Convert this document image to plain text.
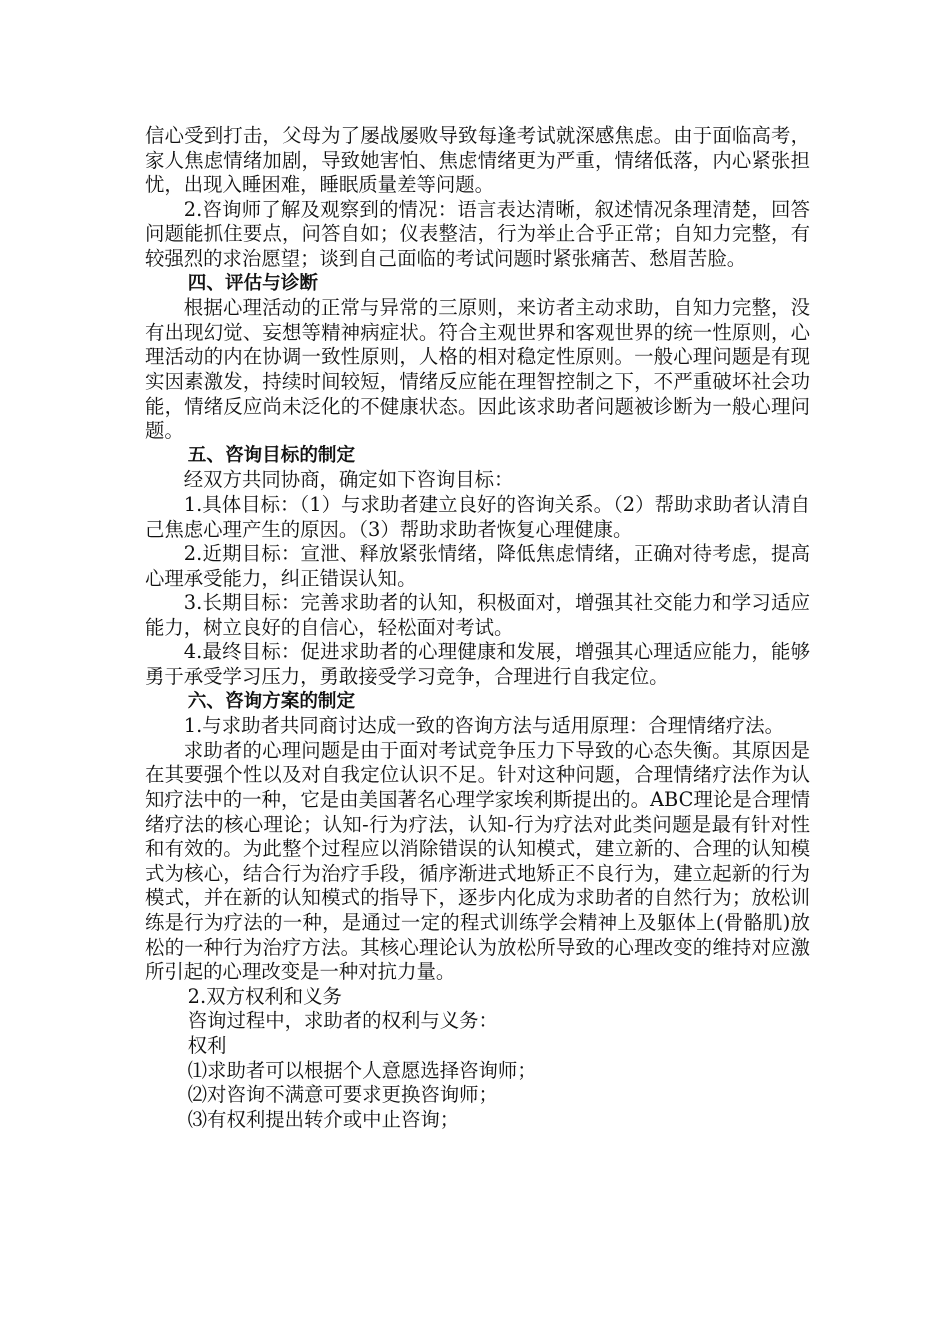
信心受到打击，父母为了屡战屡败导致每逢考试就深感焦虑。由于面临高考，家人焦虑情绪加剧，导致她害怕、焦虑情绪更为严重，情绪低落，内心紧张担忧，出现入睡困难，睡眠质量差等问题。

2.咨询师了解及观察到的情况：语言表达清晰，叙述情况条理清楚，回答问题能抓住要点，问答自如；仪表整洁，行为举止合乎正常；自知力完整，有较强烈的求治愿望；谈到自己面临的考试问题时紧张痛苦、愁眉苦脸。

四、评估与诊断

根据心理活动的正常与异常的三原则，来访者主动求助，自知力完整，没有出现幻觉、妄想等精神病症状。符合主观世界和客观世界的统一性原则，心理活动的内在协调一致性原则，人格的相对稳定性原则。一般心理问题是有现实因素激发，持续时间较短，情绪反应能在理智控制之下，不严重破坏社会功能，情绪反应尚未泛化的不健康状态。因此该求助者问题被诊断为一般心理问题。

五、咨询目标的制定

经双方共同协商，确定如下咨询目标：

1.具体目标：（1）与求助者建立良好的咨询关系。（2）帮助求助者认清自己焦虑心理产生的原因。（3）帮助求助者恢复心理健康。

2.近期目标：宣泄、释放紧张情绪，降低焦虑情绪，正确对待考虑，提高心理承受能力，纠正错误认知。

3.长期目标：完善求助者的认知，积极面对，增强其社交能力和学习适应能力，树立良好的自信心，轻松面对考试。

4.最终目标：促进求助者的心理健康和发展，增强其心理适应能力，能够勇于承受学习压力，勇敢接受学习竞争，合理进行自我定位。

六、咨询方案的制定

1.与求助者共同商讨达成一致的咨询方法与适用原理：合理情绪疗法。

求助者的心理问题是由于面对考试竞争压力下导致的心态失衡。其原因是在其要强个性以及对自我定位认识不足。针对这种问题，合理情绪疗法作为认知疗法中的一种，它是由美国著名心理学家埃利斯提出的。ABC理论是合理情绪疗法的核心理论；认知-行为疗法，认知-行为疗法对此类问题是最有针对性和有效的。为此整个过程应以消除错误的认知模式，建立新的、合理的认知模式为核心，结合行为治疗手段，循序渐进式地矫正不良行为，建立起新的行为模式，并在新的认知模式的指导下，逐步内化成为求助者的自然行为；放松训练是行为疗法的一种，是通过一定的程式训练学会精神上及躯体上(骨骼肌)放松的一种行为治疗方法。其核心理论认为放松所导致的心理改变的维持对应激所引起的心理改变是一种对抗力量。

2.双方权利和义务

咨询过程中，求助者的权利与义务：

权利

⑴求助者可以根据个人意愿选择咨询师；

⑵对咨询不满意可要求更换咨询师；

⑶有权利提出转介或中止咨询；
